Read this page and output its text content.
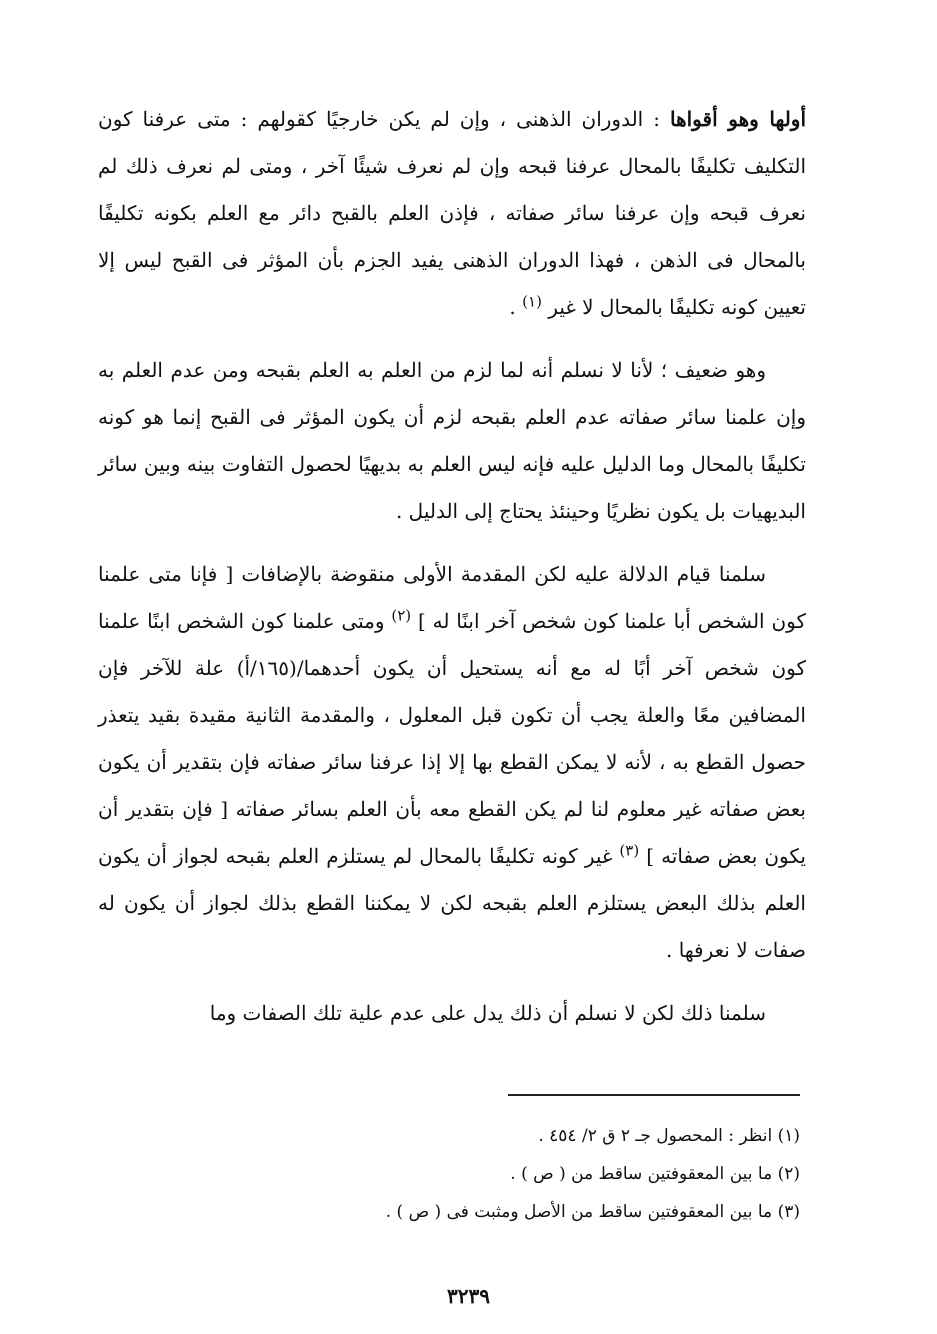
أولها وهو أقواها : الدوران الذهنى ، وإن لم يكن خارجيًا كقولهم : متى عرفنا كون التكليف تكليفًا بالمحال عرفنا قبحه وإن لم نعرف شيئًا آخر ، ومتى لم نعرف ذلك لم نعرف قبحه وإن عرفنا سائر صفاته ، فإذن العلم بالقبح دائر مع العلم بكونه تكليفًا بالمحال فى الذهن ، فهذا الدوران الذهنى يفيد الجزم بأن المؤثر فى القبح ليس إلا تعيين كونه تكليفًا بالمحال لا غير $^{(١)}$ .

وهو ضعيف ؛ لأنا لا نسلم أنه لما لزم من العلم به العلم بقبحه ومن عدم العلم به وإن علمنا سائر صفاته عدم العلم بقبحه لزم أن يكون المؤثر فى القبح إنما هو كونه تكليفًا بالمحال وما الدليل عليه فإنه ليس العلم به بديهيًا لحصول التفاوت بينه وبين سائر البديهيات بل يكون نظريًا وحينئذ يحتاج إلى الدليل .

سلمنا قيام الدلالة عليه لكن المقدمة الأولى منقوضة بالإضافات [ فإنا متى علمنا كون الشخص أبا علمنا كون شخص آخر ابنًا له ] $^{(٢)}$ ومتى علمنا كون الشخص ابنًا علمنا كون شخص آخر أبًا له مع أنه يستحيل أن يكون أحدهما/(١٦٥/أ) علة للآخر فإن المضافين معًا والعلة يجب أن تكون قبل المعلول ، والمقدمة الثانية مقيدة بقيد يتعذر حصول القطع به ، لأنه لا يمكن القطع بها إلا إذا عرفنا سائر صفاته فإن بتقدير أن يكون بعض صفاته غير معلوم لنا لم يكن القطع معه بأن العلم بسائر صفاته [ فإن بتقدير أن يكون بعض صفاته ] $^{(٣)}$ غير كونه تكليفًا بالمحال لم يستلزم العلم بقبحه لجواز أن يكون العلم بذلك البعض يستلزم العلم بقبحه لكن لا يمكننا القطع بذلك لجواز أن يكون له صفات لا نعرفها .

سلمنا ذلك لكن لا نسلم أن ذلك يدل على عدم علية تلك الصفات وما

(١) انظر : المحصول جـ ٢ ق ٢/ ٤٥٤ .

(٢) ما بين المعقوفتين ساقط من ( ص ) .

(٣) ما بين المعقوفتين ساقط من الأصل ومثبت فى ( ص ) .

٣٢٣٩
